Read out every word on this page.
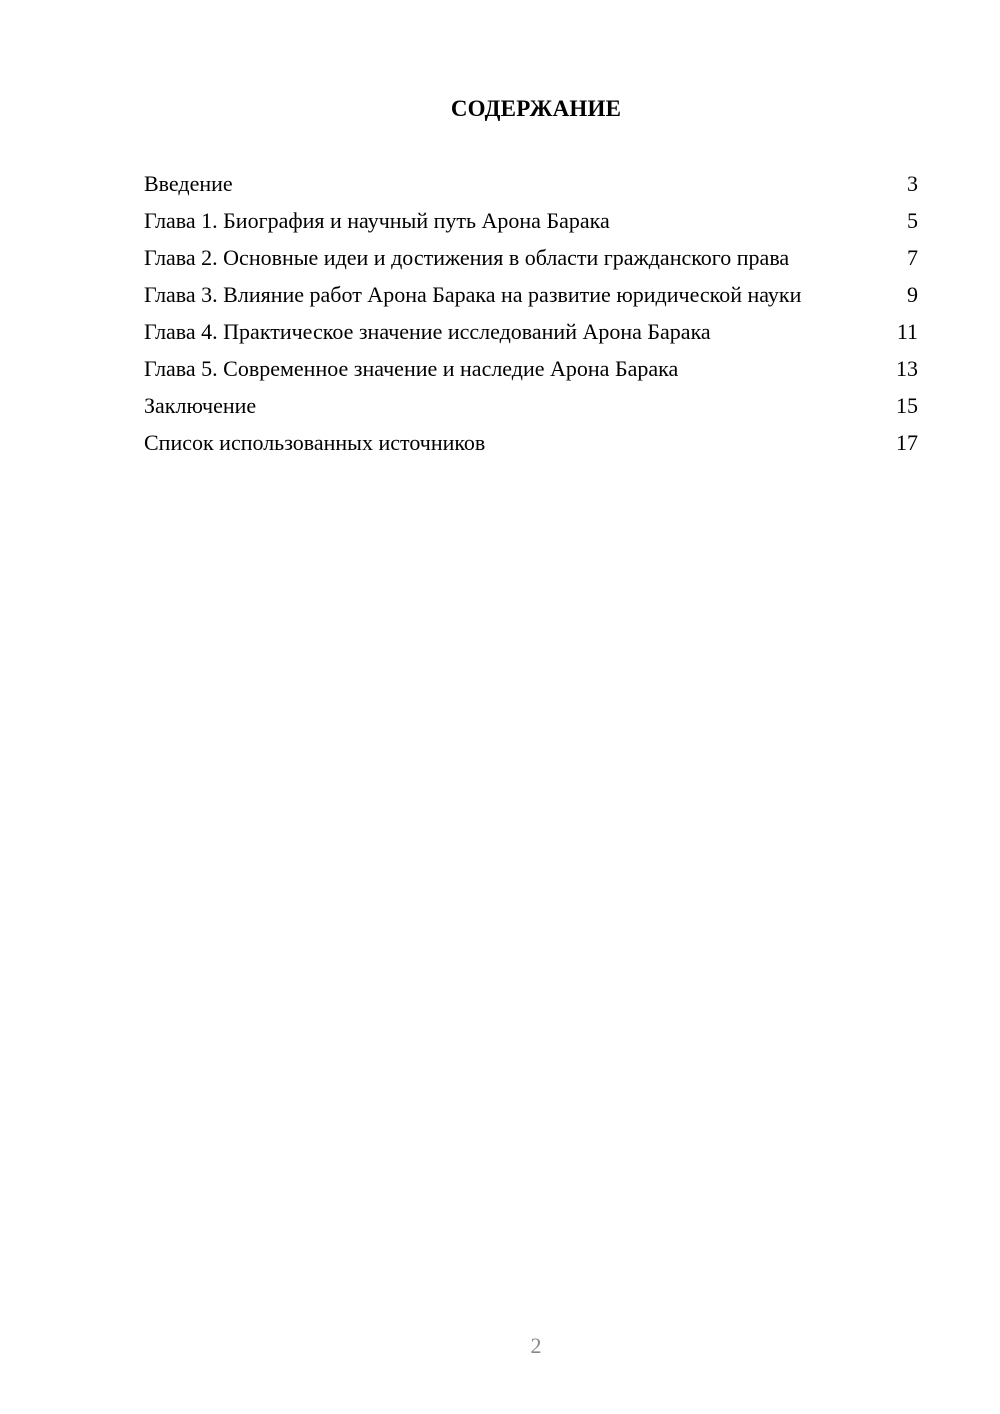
СОДЕРЖАНИЕ
Введение	3
Глава 1. Биография и научный путь Арона Барака	5
Глава 2. Основные идеи и достижения в области гражданского права	7
Глава 3. Влияние работ Арона Барака на развитие юридической науки	9
Глава 4. Практическое значение исследований Арона Барака	11
Глава 5. Современное значение и наследие Арона Барака	13
Заключение	15
Список использованных источников	17
2
